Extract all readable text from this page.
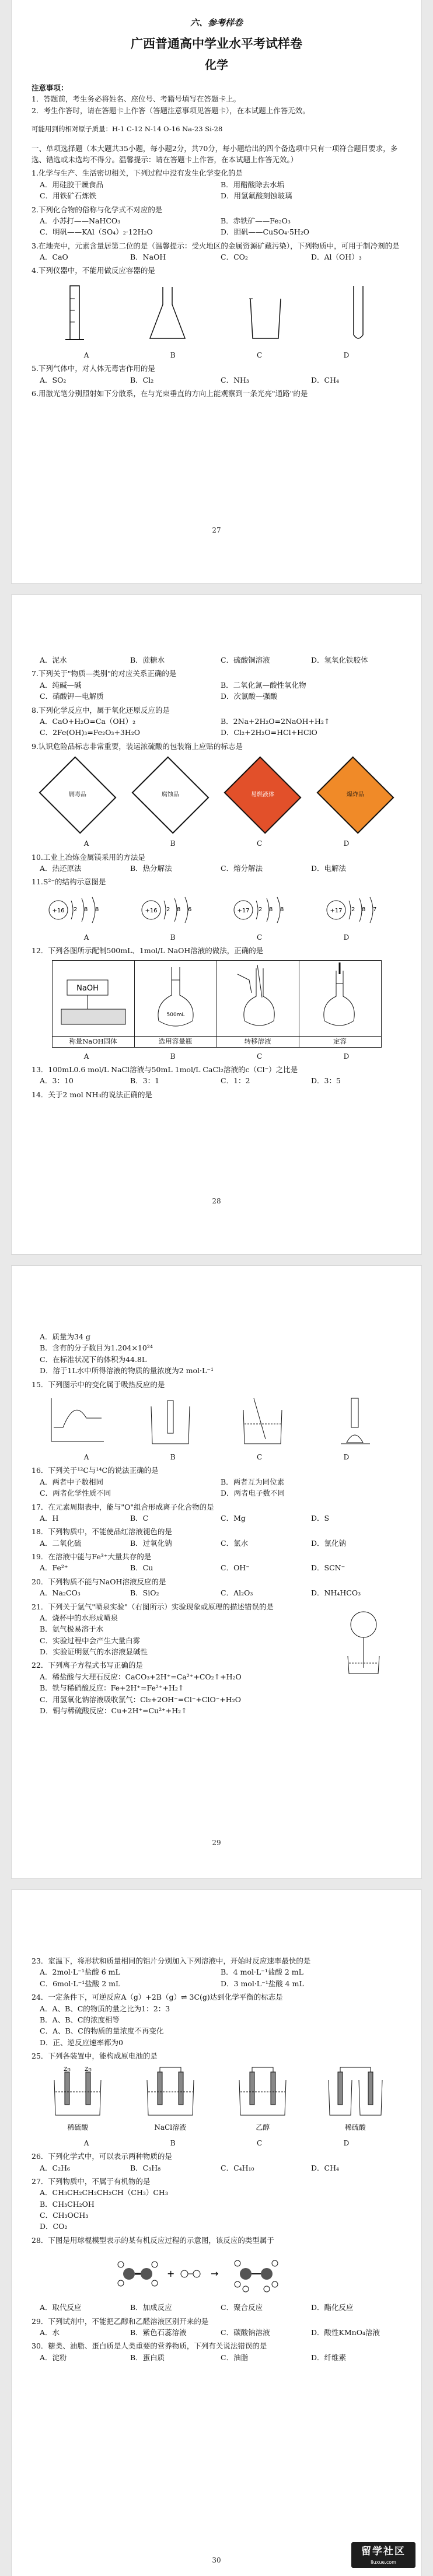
六、参考样卷
广西普通高中学业水平考试样卷
化学
注意事项：
1．答题前，考生务必将姓名、座位号、考籍号填写在答题卡上。
2．考生作答时，请在答题卡上作答（答题注意事项见答题卡），在本试题上作答无效。
可能用到的相对原子质量：H-1 C-12 N-14 O-16 Na-23 Si-28
一、单项选择题（本大题共35小题，每小题2分，共70分，每小题给出的四个备选项中只有一项符合题目要求，多选、错选或未选均不得分。温馨提示：请在答题卡上作答，在本试题上作答无效。）
1.化学与生产、生活密切相关，下列过程中没有发生化学变化的是
A．用硅胶干燥食品	B．用醋酸除去水垢
C．用铁矿石炼铁	D．用氢氟酸刻蚀玻璃
2.下列化合物的俗称与化学式不对应的是
A．小苏打——NaHCO₃	B．赤铁矿——Fe₂O₃
C．明矾——KAl（SO₄）₂·12H₂O	D．胆矾——CuSO₄·5H₂O
3.在地壳中，元素含量居第二位的是（温馨提示：受火地区的金属资源矿藏污染），下列物质中，可用于制冷剂的是
A．CaO	B．NaOH	C．CO₂	D．Al（OH）₃
4.下列仪器中，不能用做反应容器的是
A	B	C	D
5.下列气体中，对人体无毒害作用的是
A．SO₂	B．Cl₂	C．NH₃	D．CH₄
6.用激光笔分别照射如下分散系，在与光束垂直的方向上能观察到一条光亮"通路"的是
27
A．泥水	B．蔗糖水	C．硫酸铜溶液	D．氢氧化铁胶体
7.下列关于"物质—类别"的对应关系正确的是
A．纯碱—碱	B．二氧化氮—酸性氧化物
C．硝酸钾—电解质	D．次氯酸—强酸
8.下列化学反应中，属于氧化还原反应的是
A．CaO+H₂O=Ca（OH）₂	B．2Na+2H₂O=2NaOH+H₂↑
C．2Fe(OH)₃=Fe₂O₃+3H₂O	D．Cl₂+2H₂O=HCl+HClO
9.认识危险品标志非常重要，装运浓硫酸的包装箱上应贴的标志是
剧毒品	腐蚀品	易燃液体	爆炸品
A	B	C	D
10.工业上冶炼金属镁采用的方法是
A．热还原法	B．热分解法	C．熔分解法	D．电解法
11.S²⁻的结构示意图是
+16 2 8 8	+16 2 8 6	+17 2 8 8	+17 2 8 7
A	B	C	D
12．下列各图所示配制500mL、1mol/L NaOH溶液的做法，正确的是
NaOH	500mL

称量NaOH固体	选用容量瓶	转移溶液	定容
A	B	C	D
13．100mL0.6 mol/L NaCl溶液与50mL 1mol/L CaCl₂溶液的c（Cl⁻）之比是
A．3：10	B．3：1	C．1：2	D．3：5
14．关于2 mol NH₃的说法正确的是
28
A．质量为34 g
B．含有的分子数目为1.204×10²⁴
C．在标准状况下的体积为44.8L
D．溶于1L水中所得溶液的物质的量浓度为2 mol·L⁻¹
15．下列图示中的变化属于吸热反应的是
A	B	C	D
16．下列关于¹²C与¹⁴C的说法正确的是
A．两者中子数相同	B．两者互为同位素
C．两者化学性质不同	D．两者电子数不同
17．在元素周期表中，能与"O"组合形成离子化合物的是
A．H	B．C	C．Mg	D．S
18．下列物质中，不能使品红溶液褪色的是
A．二氧化硫	B．过氧化钠	C．氯水	D．氯化钠
19．在溶液中能与Fe³⁺大量共存的是
A．Fe²⁺	B．Cu	C．OH⁻	D．SCN⁻
20．下列物质不能与NaOH溶液反应的是
A．Na₂CO₃	B．SiO₂	C．Al₂O₃	D．NH₄HCO₃
21．下列关于氢气"喷泉实验"（右图所示）实验现象或原理的描述错误的是
A．烧杯中的水形成喷泉
B．氨气极易溶于水
C．实验过程中会产生大量白雾
D．实验证明氨气的水溶液显碱性
22．下列离子方程式书写正确的是
A．稀盐酸与大理石反应：CaCO₃+2H⁺=Ca²⁺+CO₂↑+H₂O
B．铁与稀硝酸反应：Fe+2H⁺=Fe²⁺+H₂↑
C．用氢氧化钠溶液吸收氯气：Cl₂+2OH⁻=Cl⁻+ClO⁻+H₂O
D．铜与稀硫酸反应：Cu+2H⁺=Cu²⁺+H₂↑
29
23．室温下，将形状和质量相同的铝片分别加入下列溶液中，开始时反应速率最快的是
A．2mol·L⁻¹盐酸 6 mL	B．4 mol·L⁻¹盐酸 2 mL
C．6mol·L⁻¹盐酸 2 mL	D．3 mol·L⁻¹盐酸 4 mL
24．一定条件下，可逆反应A（g）+2B（g）⇌ 3C(g)达到化学平衡的标志是
A．A、B、C的物质的量之比为1：2：3
B．A、B、C的浓度相等
C．A、B、C的物质的量浓度不再变化
D．正、逆反应速率都为0
25．下列各装置中，能构成原电池的是
Zn	Zn
稀硫酸	NaCl溶液	乙醇	稀硫酸
A	B	C	D
26．下列化学式中，可以表示两种物质的是
A．C₂H₆	B．C₃H₈	C．C₄H₁₀	D．CH₄
27．下列物质中，不属于有机物的是
A．CH₃CH₂CH₂CH₂CH（CH₃）CH₃
B．CH₃CH₂OH
C．CH₃OCH₃
D．CO₂
28．下图是用球棍模型表示的某有机反应过程的示意图，该反应的类型属于
+	→
A．取代反应	B．加成反应	C．聚合反应	D．酯化反应
29．下列试剂中，不能把乙醇和乙醛溶液区别开来的是
A．水	B．紫色石蕊溶液	C．碳酸钠溶液	D．酸性KMnO₄溶液
30．糖类、油脂、蛋白质是人类重要的营养物质，下列有关说法错误的是
A．淀粉	B．蛋白质	C．油脂	D．纤维素
30
留学社区
liuxue.com
